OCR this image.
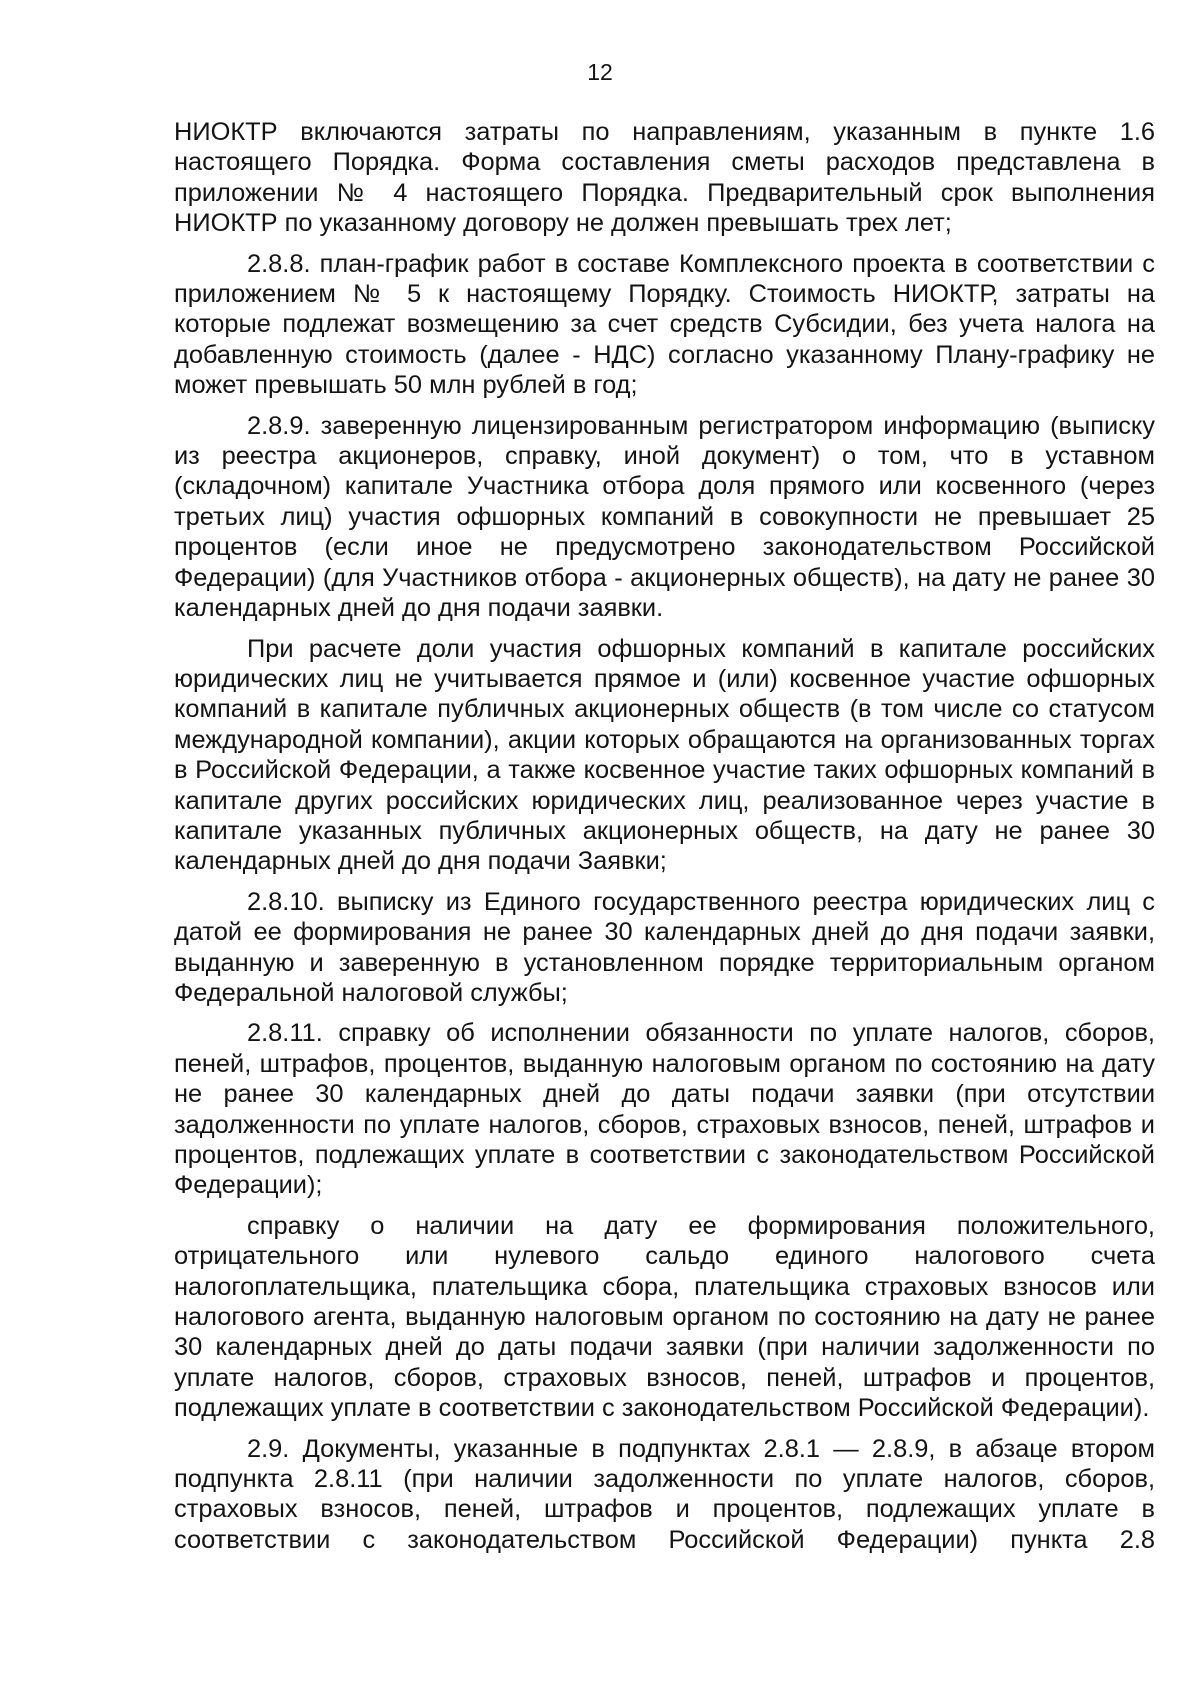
12

НИОКТР включаются затраты по направлениям, указанным в пункте 1.6 настоящего Порядка. Форма составления сметы расходов представлена в приложении № 4 настоящего Порядка. Предварительный срок выполнения НИОКТР по указанному договору не должен превышать трех лет;

2.8.8. план-график работ в составе Комплексного проекта в соответствии с приложением № 5 к настоящему Порядку. Стоимость НИОКТР, затраты на которые подлежат возмещению за счет средств Субсидии, без учета налога на добавленную стоимость (далее - НДС) согласно указанному Плану-графику не может превышать 50 млн рублей в год;

2.8.9. заверенную лицензированным регистратором информацию (выписку из реестра акционеров, справку, иной документ) о том, что в уставном (складочном) капитале Участника отбора доля прямого или косвенного (через третьих лиц) участия офшорных компаний в совокупности не превышает 25 процентов (если иное не предусмотрено законодательством Российской Федерации) (для Участников отбора - акционерных обществ), на дату не ранее 30 календарных дней до дня подачи заявки.

При расчете доли участия офшорных компаний в капитале российских юридических лиц не учитывается прямое и (или) косвенное участие офшорных компаний в капитале публичных акционерных обществ (в том числе со статусом международной компании), акции которых обращаются на организованных торгах в Российской Федерации, а также косвенное участие таких офшорных компаний в капитале других российских юридических лиц, реализованное через участие в капитале указанных публичных акционерных обществ, на дату не ранее 30 календарных дней до дня подачи Заявки;

2.8.10. выписку из Единого государственного реестра юридических лиц с датой ее формирования не ранее 30 календарных дней до дня подачи заявки, выданную и заверенную в установленном порядке территориальным органом Федеральной налоговой службы;

2.8.11. справку об исполнении обязанности по уплате налогов, сборов, пеней, штрафов, процентов, выданную налоговым органом по состоянию на дату не ранее 30 календарных дней до даты подачи заявки (при отсутствии задолженности по уплате налогов, сборов, страховых взносов, пеней, штрафов и процентов, подлежащих уплате в соответствии с законодательством Российской Федерации);

справку о наличии на дату ее формирования положительного, отрицательного или нулевого сальдо единого налогового счета налогоплательщика, плательщика сбора, плательщика страховых взносов или налогового агента, выданную налоговым органом по состоянию на дату не ранее 30 календарных дней до даты подачи заявки (при наличии задолженности по уплате налогов, сборов, страховых взносов, пеней, штрафов и процентов, подлежащих уплате в соответствии с законодательством Российской Федерации).

2.9. Документы, указанные в подпунктах 2.8.1 — 2.8.9, в абзаце втором подпункта 2.8.11 (при наличии задолженности по уплате налогов, сборов, страховых взносов, пеней, штрафов и процентов, подлежащих уплате в соответствии с законодательством Российской Федерации) пункта 2.8
